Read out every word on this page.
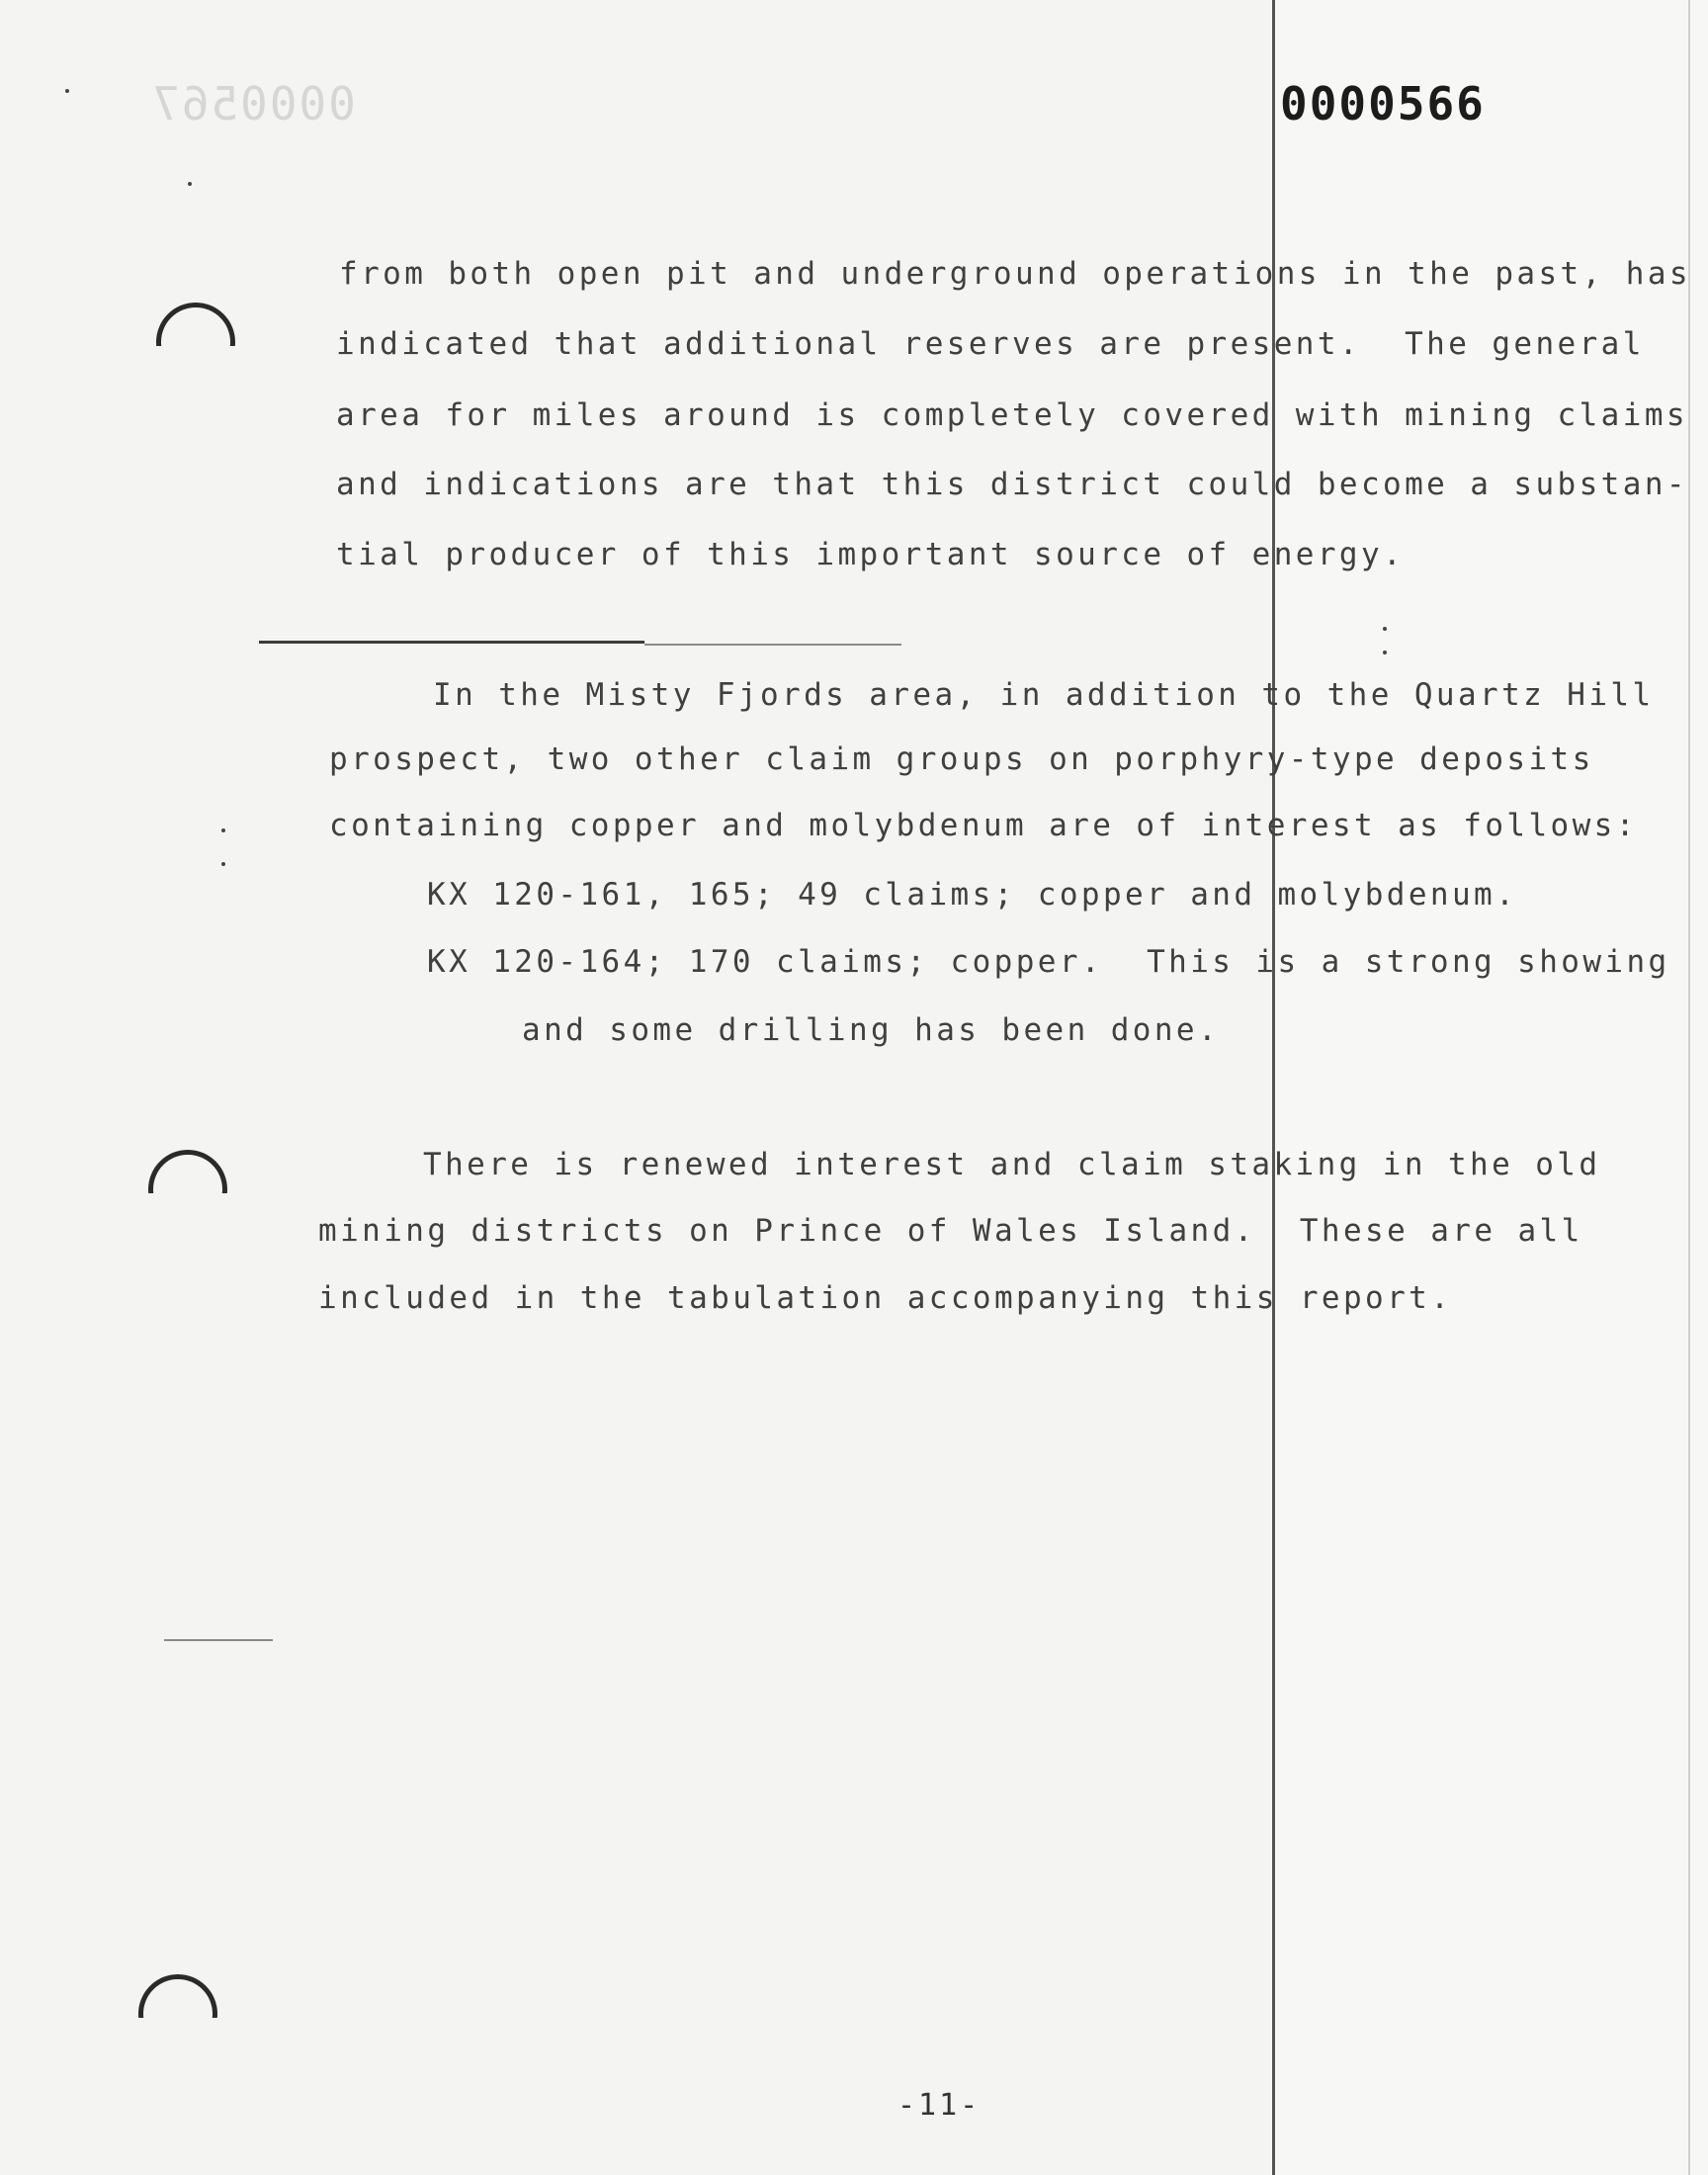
0000567	0000566
from both open pit and underground operations in the past, has
indicated that additional reserves are present.  The general
area for miles around is completely covered with mining claims
and indications are that this district could become a substan-
tial producer of this important source of energy.
In the Misty Fjords area, in addition to the Quartz Hill
prospect, two other claim groups on porphyry-type deposits
containing copper and molybdenum are of interest as follows:
KX 120-161, 165; 49 claims; copper and molybdenum.
KX 120-164; 170 claims; copper.  This is a strong showing
and some drilling has been done.
There is renewed interest and claim staking in the old
mining districts on Prince of Wales Island.  These are all
included in the tabulation accompanying this report.
-11-
